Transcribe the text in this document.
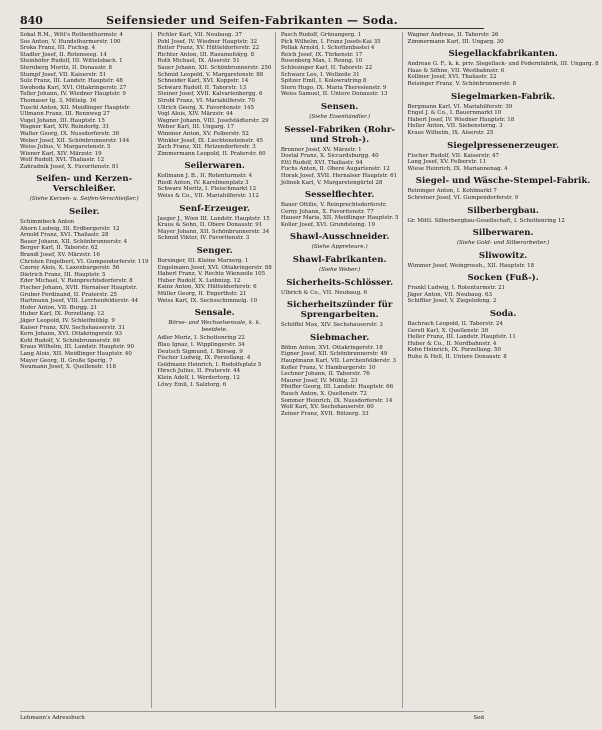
840	Seifensieder und Seifen-Fabrikanten — Soda.
Sokal R.M., Witt's Rothenthurmstr. 4
Sos Anton, V. Hundsthurmerstr. 100
Sroka Franz, III. Fuchsg. 4
Stadler Josef, II. Rotenseeg. 14
Steinhöfer Rudolf, III. Wittelsbach. 1
Sternberg Moritz, II. Donaustr. 8
Stumpf Josef, VII. Kaiserstr. 51
Sulz Franz, III. Landstr. Hauptstr. 48
Swoboda Karl, XVI. Ottakringerstr. 27
Teller Johann, IV. Wiedner Hauptstr. 9
Thomaser Ig. 3, Mittelg. 16
Tuschl Anton, XII. Meidlinger Hauptstr.
Ullmann Franz, III. Rennweg 27
Vogel Johann, III. Hauptstr. 15
Wagner Karl, XIV. Reindorfg. 31
Walter Georg, IX. Nussdorferstr. 36
Weber Josef, XII. Schönbrunnerstr. 144
Weiss Julius, V. Margaretenstr. 5
Wiener Karl, XIV. Märzstr. 19
Wolf Rudolf, XVI. Thaliastr. 12
Zahradnik Josef, X. Favoritenstr. 81
Seifen- und Kerzen-Verschleißer.
(Siehe Kerzen- u. Seifen-Verschleißer.)
Seiler.
Schimmbeck Anton
Ahorn Ludwig, III. Erdbergerstr. 12
Arnold Franz, XVI. Thaliastr. 28
Bauer Johann, XII. Schönbrunnerstr. 4
Berger Karl, II. Taborstr. 62
Brandl Josef, XV. Märzstr. 16
Christen Engelbert, VI. Gumpendorferstr. 119
Czerny Alois, X. Laxenburgerstr. 56
Dietrich Franz, III. Hauptstr. 5
Eder Michael, V. Reinprechtsdorferstr. 8
Fischer Johann, XVII. Hernalser Hauptstr.
Gruber Ferdinand, II. Praterstr. 25
Hartmann Josef, VIII. Lerchenfelderstr. 44
Hofer Anton, VII. Burgg. 21
Huber Karl, IX. Porzellang. 12
Jäger Leopold, IV. Schleifmühlg. 9
Kaiser Franz, XIV. Sechshauserstr. 31
Kern Johann, XVI. Ottakringerstr. 93
Kohl Rudolf, V. Schönbrunnerstr. 66
Kraus Wilhelm, III. Landstr. Hauptstr. 90
Lang Alois, XII. Meidlinger Hauptstr. 40
Mayer Georg, II. Große Sperlg. 7
Neumann Josef, X. Quellenstr. 118
Pichler Karl, VII. Neubaug. 37
Pohl Josef, IV. Wiedner Hauptstr. 32
Reiter Franz, XV. Hütteldorferstr. 22
Richter Anton, III. Rasumofskyg. 8
Roth Michael, IX. Alserstr. 51
Sauer Johann, XII. Schönbrunnerstr. 250
Schmid Leopold, V. Margaretenstr. 88
Schneider Karl, XVI. Koppstr. 14
Schwarz Rudolf, II. Taborstr. 13
Steiner Josef, XVII. Kalvarienbergg. 6
Strobl Franz, VI. Mariahilferstr. 70
Ullrich Georg, X. Favoritenstr. 145
Vogl Alois, XIV. Märzstr. 44
Wagner Johann, VIII. Josefstädterstr. 29
Weber Karl, III. Ungarg. 17
Wimmer Anton, XV. Felberstr. 52
Winkler Josef, IX. Liechtensteinstr. 45
Zach Franz, XII. Hetzendorferstr. 3
Zimmermann Leopold, II. Praterstr. 60
Seilerwaren.
Kollmann J. B., II. Rotenturmstr. 4
Riedl Anton, IV. Karolinenplatz 3
Schwarz Moritz, I. Fleischmarkt 12
Weiss & Co., VII. Mariahilferstr. 112
Senf-Erzeuger.
Jaeger J., Wien III. Landstr. Hauptstr. 15
Kraus & Sohn, II. Obere Donaustr. 91
Mayer Johann, XII. Schönbrunnerstr. 34
Schmid Viktor, IV. Favoritenstr. 3
Senger.
Borsinger, III. Kleine Marxerg. 1
Engelmann Josef, XVI. Ottakringerstr. 88
Haberl Franz, V. Rechte Wienzeile 105
Huber Rudolf, X. Leibnizg. 12
Kainz Anton, XIV. Hütteldorferstr. 6
Müller Georg, II. Engerthstr. 21
Weiss Karl, IX. Sechsschimmelg. 10
Sensale.
Börse- und Wechselsensale, k. k. beeidete.
Adler Moriz, I. Schottenring 22
Blau Ignaz, I. Wipplingerstr. 34
Deutsch Sigmund, I. Börseg. 9
Fischer Ludwig, IX. Porzellang. 4
Goldmann Heinrich, I. Rudolfsplatz 5
Hirsch Julius, II. Praterstr. 44
Klein Adolf, I. Werdertorg. 12
Löwy Emil, I. Salztorg. 6
Pasch Rudolf, Grünangerg. 1
Pick Wilhelm, I. Franz Josefs-Kai 35
Pollak Arnold, I. Schottenbastei 4
Reich Josef, IX. Türkenstr. 17
Rosenberg Max, I. Renng. 10
Schlesinger Karl, II. Taborstr. 22
Schwarz Leo, I. Wollzeile 31
Spitzer Emil, I. Kolowratring 8
Stern Hugo, IX. Maria Theresienstr. 9
Weiss Samuel, II. Untere Donaustr. 13
Sensen.
(Siehe Eisenhändler.)
Sessel-Fabriken (Rohr- und Stroh-).
Brunner Josef, XV. Märzstr. 1
Dostal Franz, X. Siccardsburgg. 40
Ettl Rudolf, XVI. Thaliastr. 94
Fuchs Anton, II. Obere Augartenstr. 12
Horak Josef, XVII. Hernalser Hauptstr. 61
Jelinek Karl, V. Margaretengürtel 28
Sesselflechter.
Bauer Ottilie, V. Reinprechtsdorferstr.
Cerny Johann, X. Favoritenstr. 77
Hauser Maria, XII. Meidlinger Hauptstr. 5
Koller Josef, XVI. Grundsteing. 19
Shawl-Ausschneider.
(Siehe Appreteure.)
Shawl-Fabrikanten.
(Siehe Weber.)
Sicherheits-Schlösser.
Ulbrich & Co., VII. Neubaug. 6
Sicherheitszünder für Sprengarbeiten.
Schöffel Max, XIV. Sechshauserstr. 3
Siebmacher.
Böhm Anton, XVI. Ottakringerstr. 18
Eigner Josef, XII. Schönbrunnerstr. 49
Hauptmann Karl, VII. Lerchenfelderstr. 3
Kofler Franz, V. Hamburgerstr. 10
Lechner Johann, II. Taborstr. 76
Maurer Josef, IV. Mühlg. 23
Pfeiffer Georg, III. Landstr. Hauptstr. 66
Rauch Anton, X. Quellenstr. 72
Sommer Heinrich, IX. Nussdorferstr. 14
Wolf Karl, XV. Sechshauserstr. 60
Zeiner Franz, XVII. Rötzerg. 33
Wagner Andreas, II. Taborstr. 26
Zimmermann Karl, III. Ungarg. 30
Siegellackfabrikanten.
Andreae G. F., k. k. priv. Siegellack- und Federnfabrik, III. Ungarg. 8
Haas & Söhne, VII. Westbahnstr. 6
Kolliner Josef, XVI. Thaliastr. 22
Reisinger Franz, V. Schönbrunnerstr. 8
Siegelmarken-Fabrik.
Bergmann Karl, VI. Mariahilferstr. 39
Engel J. & Co., I. Bauernmarkt 10
Haberl Josef, IV. Wiedner Hauptstr. 18
Heller Anton, VII. Siebensterng. 3
Kraus Wilhelm, IX. Alserstr. 25
Siegelpressenerzeuger.
Fischer Rudolf, VII. Kaiserstr. 47
Lang Josef, XV. Felberstr. 11
Wiese Heinrich, IX. Mariannenag. 4
Siegel- und Wäsche-Stempel-Fabrik.
Reininger Anton, I. Kohlmarkt 7
Schreiner Josef, VI. Gumpendorferstr. 9
Silberbergbau.
Gr. Mittl. Silberbergbau-Gesellschaft, I. Schottenring 12
Silberwaren.
(Siehe Gold- und Silberarbeiter.)
Sliwowitz.
Wimmer Josef, Weingrossh., XII. Hauptstr. 18
Socken (Fuß-).
Frankl Ludwig, I. Rotenturmstr. 21
Jäger Anton, VII. Neubaug. 63
Schiffler Josef, V. Ziegelofeng. 2
Soda.
Bachrach Leopold, II. Taborstr. 24
Gerstl Karl, X. Quellenstr. 30
Heller Franz, III. Landstr. Hauptstr. 11
Huber & Co., II. Nordbahnstr. 4
Kohn Heinrich, IX. Porzellang. 50
Ruhe & Hell, II. Untere Donaustr. 8
Lehmann's Adressbuch	Sod
